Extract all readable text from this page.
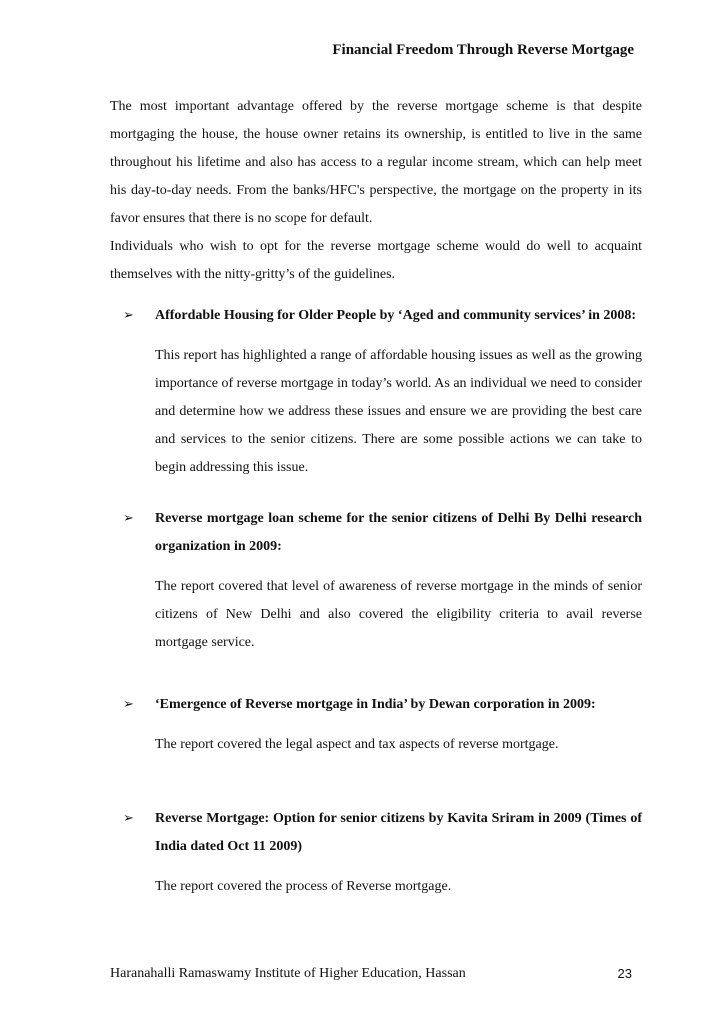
Financial Freedom Through Reverse Mortgage

The most important advantage offered by the reverse mortgage scheme is that despite mortgaging the house, the house owner retains its ownership, is entitled to live in the same throughout his lifetime and also has access to a regular income stream, which can help meet his day-to-day needs. From the banks/HFC's perspective, the mortgage on the property in its favor ensures that there is no scope for default.

Individuals who wish to opt for the reverse mortgage scheme would do well to acquaint themselves with the nitty-gritty’s of the guidelines.

➢	Affordable Housing for Older People by ‘Aged and community services’ in 2008:

This report has highlighted a range of affordable housing issues as well as the growing importance of reverse mortgage in today’s world. As an individual we need to consider and determine how we address these issues and ensure we are providing the best care and services to the senior citizens. There are some possible actions we can take to begin addressing this issue.

➢	Reverse mortgage loan scheme for the senior citizens of Delhi By Delhi research organization in 2009:

The report covered that level of awareness of reverse mortgage in the minds of senior citizens of New Delhi and also covered the eligibility criteria to avail reverse mortgage service.

➢	‘Emergence of Reverse mortgage in India’ by Dewan corporation in 2009:

The report covered the legal aspect and tax aspects of reverse mortgage.

➢	Reverse Mortgage: Option for senior citizens by Kavita Sriram in 2009 (Times of India dated Oct 11 2009)

The report covered the process of Reverse mortgage.

Haranahalli Ramaswamy Institute of Higher Education, Hassan	23
